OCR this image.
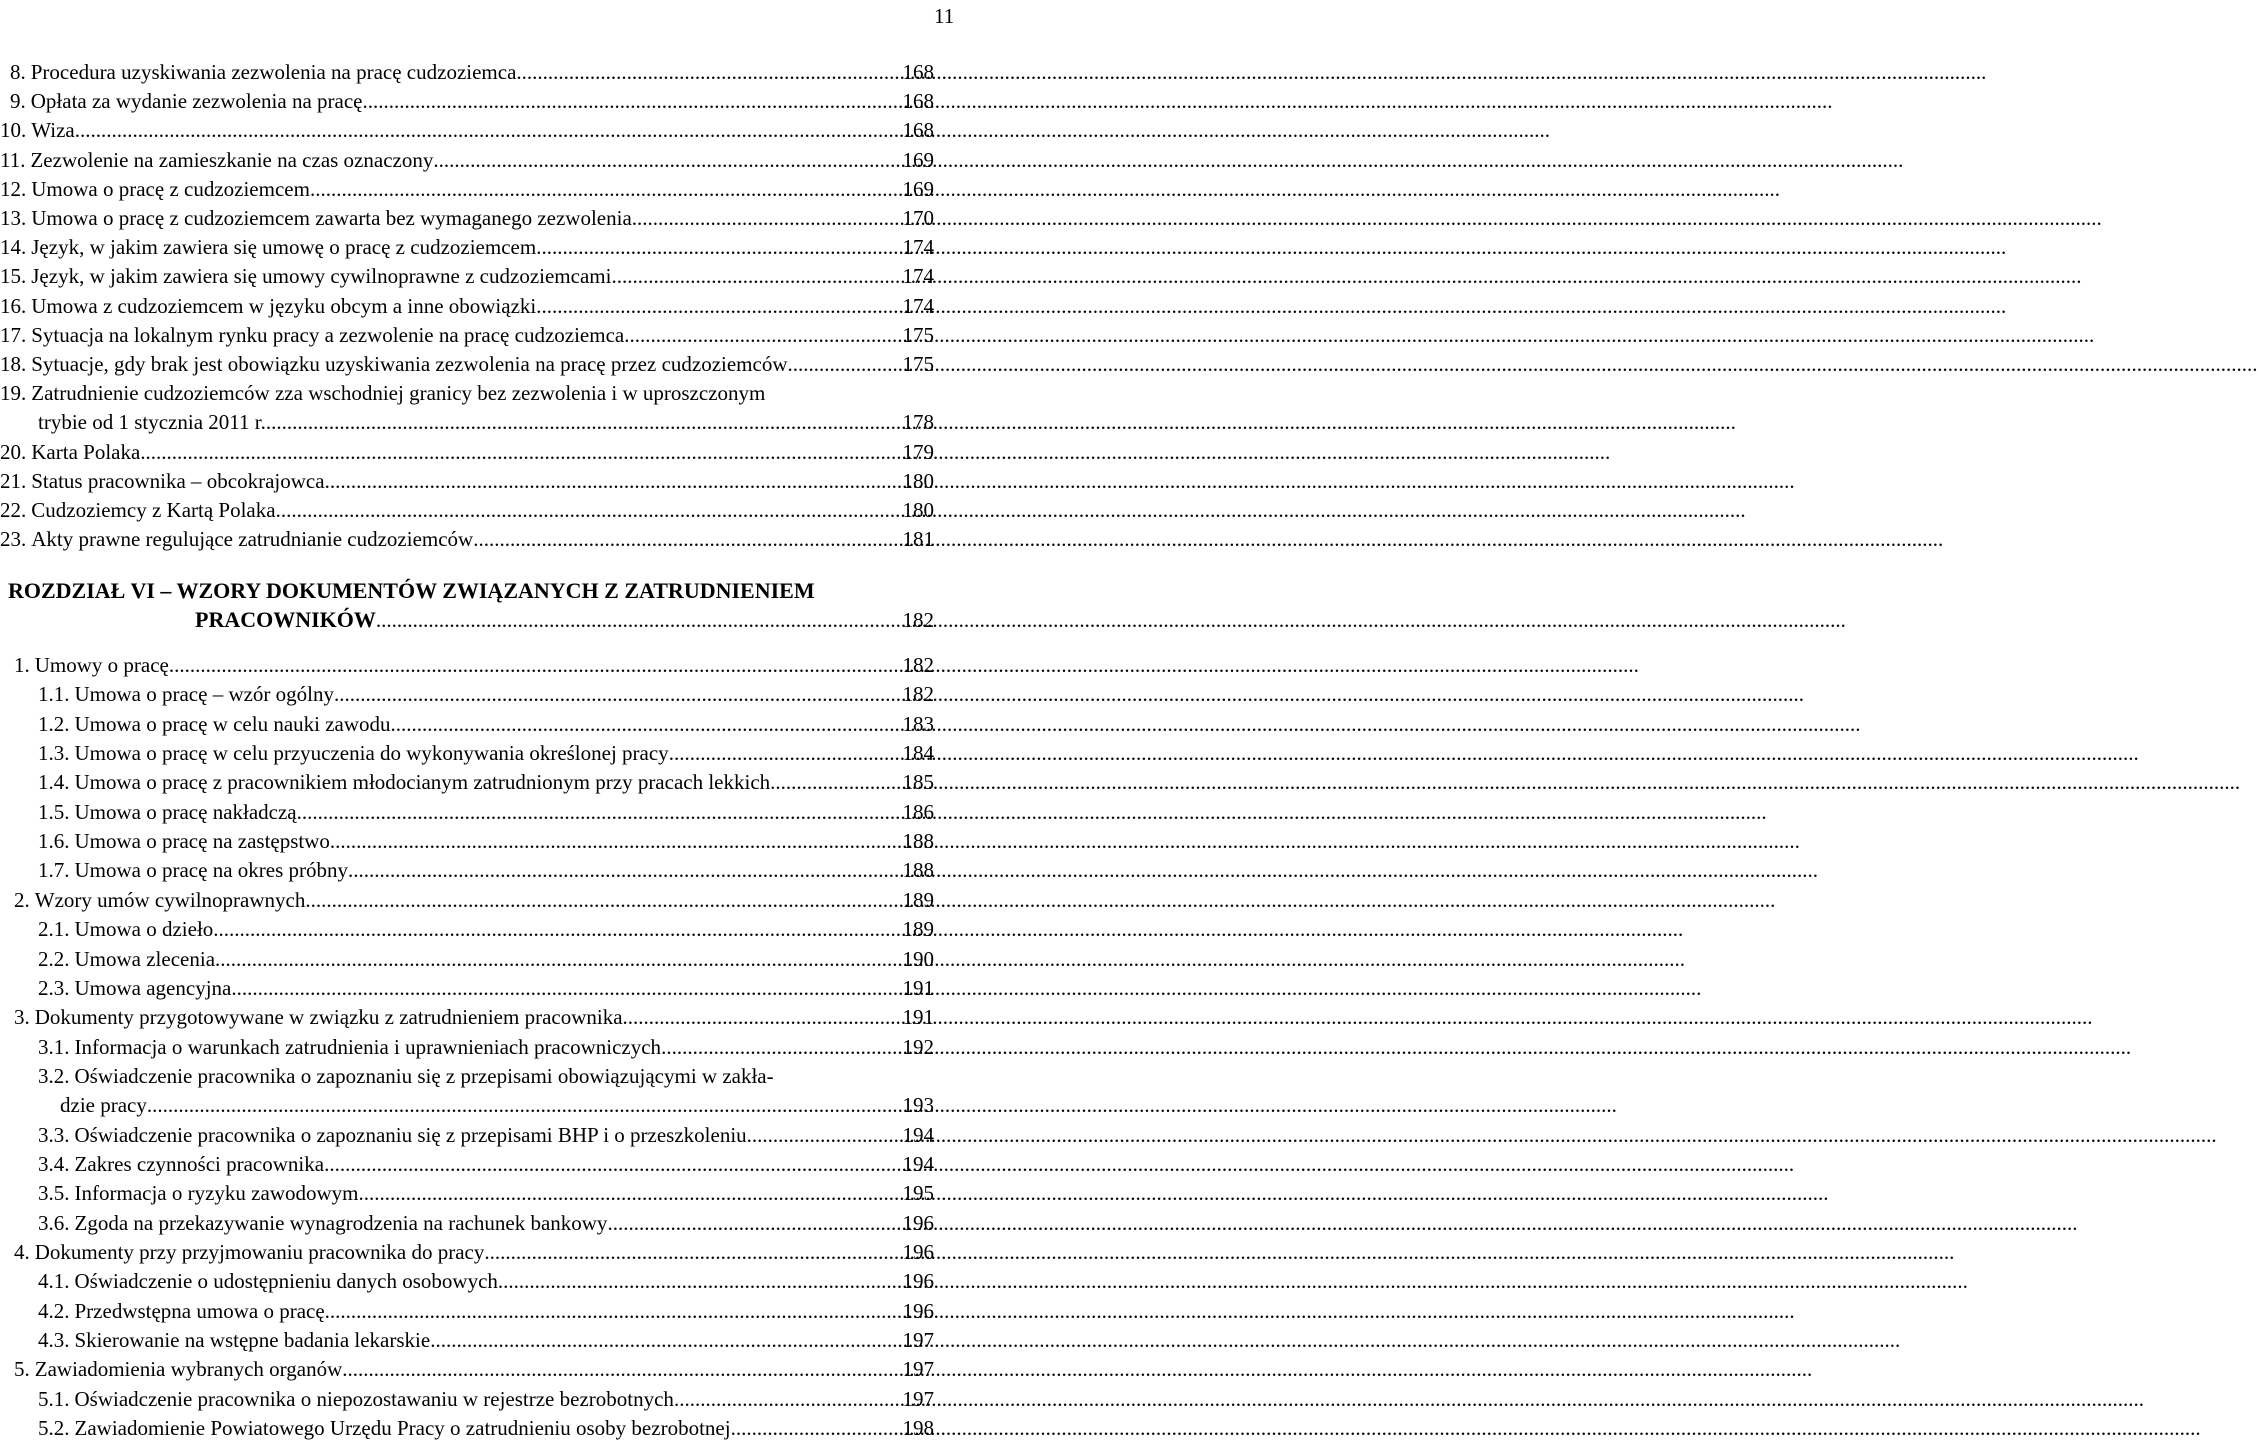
11
8. Procedura uzyskiwania zezwolenia na pracę cudzoziemca .....	168
9. Opłata za wydanie zezwolenia na pracę .....	168
10. Wiza. .....	168
11. Zezwolenie na zamieszkanie na czas oznaczony .....	169
12. Umowa o pracę z cudzoziemcem .....	169
13. Umowa o pracę z cudzoziemcem zawarta bez wymaganego zezwolenia .....	170
14. Język, w jakim zawiera się umowę o pracę z cudzoziemcem .....	174
15. Język, w jakim zawiera się umowy cywilnoprawne z cudzoziemcami .....	174
16. Umowa z cudzoziemcem w języku obcym a inne obowiązki .....	174
17. Sytuacja na lokalnym rynku pracy a zezwolenie na pracę cudzoziemca .....	175
18. Sytuacje, gdy brak jest obowiązku uzyskiwania zezwolenia na pracę przez cudzoziemców .....	175
19. Zatrudnienie cudzoziemców zza wschodniej granicy bez zezwolenia i w uproszczonym
trybie od 1 stycznia 2011 r. .....	178
20. Karta Polaka .....	179
21. Status pracownika – obcokrajowca .....	180
22. Cudzoziemcy z Kartą Polaka .....	180
23. Akty prawne regulujące zatrudnianie cudzoziemców .....	181
ROZDZIAŁ VI – WZORY DOKUMENTÓW ZWIĄZANYCH Z ZATRUDNIENIEM
PRACOWNIKÓW .....	182
1. Umowy o pracę .....	182
1.1. Umowa o pracę – wzór ogólny .....	182
1.2. Umowa o pracę w celu nauki zawodu .....	183
1.3. Umowa o pracę w celu przyuczenia do wykonywania określonej pracy .....	184
1.4. Umowa o pracę z pracownikiem młodocianym zatrudnionym przy pracach lekkich .....	185
1.5. Umowa o pracę nakładczą .....	186
1.6. Umowa o pracę na zastępstwo .....	188
1.7. Umowa o pracę na okres próbny .....	188
2. Wzory umów cywilnoprawnych .....	189
2.1. Umowa o dzieło .....	189
2.2. Umowa zlecenia .....	190
2.3. Umowa agencyjna .....	191
3. Dokumenty przygotowywane w związku z zatrudnieniem pracownika .....	191
3.1. Informacja o warunkach zatrudnienia i uprawnieniach pracowniczych .....	192
3.2. Oświadczenie pracownika o zapoznaniu się z przepisami obowiązującymi w zakła-
dzie pracy .....	193
3.3. Oświadczenie pracownika o zapoznaniu się z przepisami BHP i o przeszkoleniu .....	194
3.4. Zakres czynności pracownika .....	194
3.5. Informacja o ryzyku zawodowym .....	195
3.6. Zgoda na przekazywanie wynagrodzenia na rachunek bankowy .....	196
4. Dokumenty przy przyjmowaniu pracownika do pracy .....	196
4.1. Oświadczenie o udostępnieniu danych osobowych .....	196
4.2. Przedwstępna umowa o pracę .....	196
4.3. Skierowanie na wstępne badania lekarskie .....	197
5. Zawiadomienia wybranych organów .....	197
5.1. Oświadczenie pracownika o niepozostawaniu w rejestrze bezrobotnych .....	197
5.2. Zawiadomienie Powiatowego Urzędu Pracy o zatrudnieniu osoby bezrobotnej .....	198
